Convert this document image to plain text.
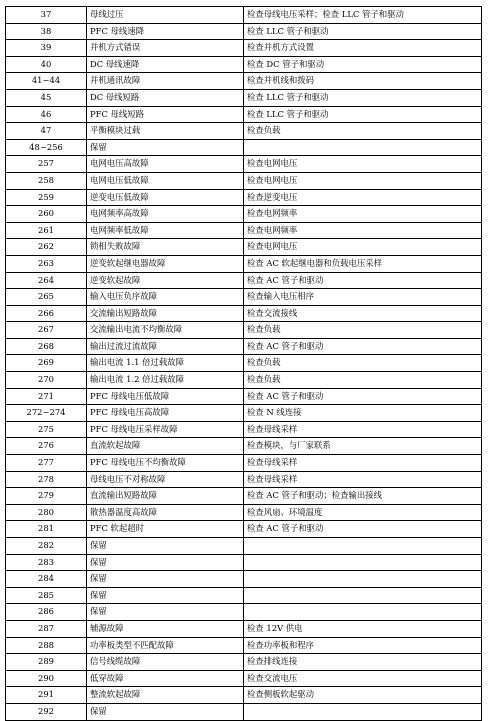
37	母线过压	检查母线电压采样；检查 LLC 管子和驱动
38	PFC 母线速降	检查 LLC 管子和驱动
39	并机方式错误	检查并机方式设置
40	DC 母线速降	检查 DC 管子和驱动
41~44	并机通讯故障	检查并机线和拨码
45	DC 母线短路	检查 LLC 管子和驱动
46	PFC 母线短路	检查 LLC 管子和驱动
47	平衡模块过载	检查负载
48~256	保留	
257	电网电压高故障	检查电网电压
258	电网电压低故障	检查电网电压
259	逆变电压低故障	检查逆变电压
260	电网频率高故障	检查电网频率
261	电网频率低故障	检查电网频率
262	锁相失败故障	检查电网电压
263	逆变软起继电器故障	检查 AC 软起继电器和负载电压采样
264	逆变软起故障	检查 AC 管子和驱动
265	输入电压负序故障	检查输入电压相序
266	交流输出短路故障	检查交流接线
267	交流输出电流不均衡故障	检查负载
268	输出过流过流故障	检查 AC 管子和驱动
269	输出电流 1.1 倍过载故障	检查负载
270	输出电流 1.2 倍过载故障	检查负载
271	PFC 母线电压低故障	检查 AC 管子和驱动
272~274	PFC 母线电压高故障	检查 N 线连接
275	PFC 母线电压采样故障	检查母线采样
276	直流软起故障	检查模块，与厂家联系
277	PFC 母线电压不均衡故障	检查母线采样
278	母线电压不对称故障	检查母线采样
279	直流输出短路故障	检查 AC 管子和驱动；检查输出接线
280	散热器温度高故障	检查风扇、环境温度
281	PFC 软起超时	检查 AC 管子和驱动
282	保留	
283	保留	
284	保留	
285	保留	
286	保留	
287	辅源故障	检查 12V 供电
288	功率板类型不匹配故障	检查功率板和程序
289	信号线缆故障	检查排线连接
290	低穿故障	检查交流电压
291	整流软起故障	检查侧板软起驱动
292	保留	
